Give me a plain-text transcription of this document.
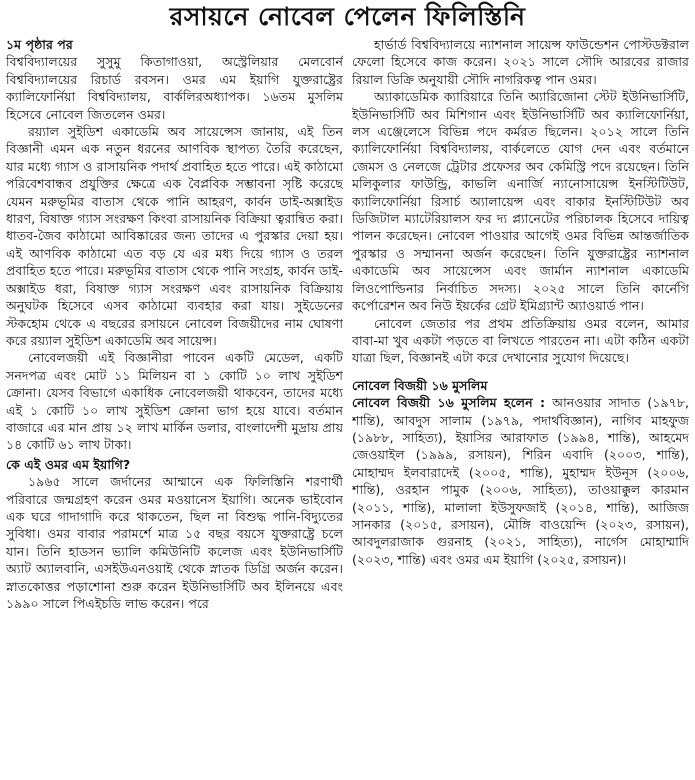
রসায়নে নোবেল পেলেন ফিলিস্তিনি
১ম পৃষ্ঠার পর

বিশ্ববিদ্যালয়ের সুসুমু কিতাগাওয়া, অস্ট্রেলিয়ার মেলবোর্ন বিশ্ববিদ্যালয়ের রিচার্ড রবসন। ওমর এম ইয়াগি যুক্তরাষ্ট্রের ক্যালিফোর্নিয়া বিশ্ববিদ্যালয়, বার্কলিরঅধ্যাপক। ১৬তম মুসলিম হিসেবে নোবেল জিতলেন ওমর।

রয়্যাল সুইডিশ একাডেমি অব সায়েন্সেস জানায়, এই তিন বিজ্ঞানী এমন এক নতুন ধরনের আণবিক স্থাপত্য তৈরি করেছেন, যার মধ্যে গ্যাস ও রাসায়নিক পদার্থ প্রবাহিত হতে পারে। এই কাঠামো পরিবেশবান্ধব প্রযুক্তির ক্ষেত্রে এক বৈপ্লবিক সম্ভাবনা সৃষ্টি করেছে যেমন মরুভূমির বাতাস থেকে পানি আহরণ, কার্বন ডাই-অক্সাইড ধারণ, বিষাক্ত গ্যাস সংরক্ষণ কিংবা রাসায়নিক বিক্রিয়া ত্বরান্বিত করা। ধাতব-জৈব কাঠামো আবিষ্কারের জন্য তাদের এ পুরস্কার দেয়া হয়। এই আণবিক কাঠামো এত বড় যে এর মধ্য দিয়ে গ্যাস ও তরল প্রবাহিত হতে পারে। মরুভূমির বাতাস থেকে পানি সংগ্রহ, কার্বন ডাই-অক্সাইড ধরা, বিষাক্ত গ্যাস সংরক্ষণ এবং রাসায়নিক বিক্রিয়ায় অনুঘটক হিসেবে এসব কাঠামো ব্যবহার করা যায়। সুইডেনের স্টকহোম থেকে এ বছরের রসায়নে নোবেল বিজয়ীদের নাম ঘোষণা করে রয়্যাল সুইডিশ একাডেমি অব সায়েন্স।

নোবেলজয়ী এই বিজ্ঞানীরা পাবেন একটি মেডেল, একটি সনদপত্র এবং মোট ১১ মিলিয়ন বা ১ কোটি ১০ লাখ সুইডিশ ক্রোনা। যেসব বিভাগে একাধিক নোবেলজয়ী থাকবেন, তাদের মধ্যে এই ১ কোটি ১০ লাখ সুইডিশ ক্রোনা ভাগ হয়ে যাবে। বর্তমান বাজারে এর মান প্রায় ১২ লাখ মার্কিন ডলার, বাংলাদেশী মুদ্রায় প্রায় ১৪ কোটি ৬১ লাখ টাকা।

কে এই ওমর এম ইয়াগি?

১৯৬৫ সালে জর্দানের আম্মানে এক ফিলিস্তিনি শরণার্থী পরিবারে জন্মগ্রহণ করেন ওমর মওয়ানেস ইয়াগি। অনেক ভাইবোন এক ঘরে গাদাগাদি করে থাকতেন, ছিল না বিশুদ্ধ পানি-বিদ্যুতের সুবিধা। ওমর বাবার পরামর্শে মাত্র ১৫ বছর বয়সে যুক্তরাষ্ট্রে চলে যান। তিনি হাডসন ভ্যালি কমিউনিটি কলেজ এবং ইউনিভার্সিটি অ্যাট অ্যালবানি, এসইউএনওয়াই থেকে স্নাতক ডিগ্রি অর্জন করেন। স্নাতকোত্তর পড়াশোনা শুরু করেন ইউনিভার্সিটি অব ইলিনয়ে এবং ১৯৯০ সালে পিএইচডি লাভ করেন। পরে

হার্ভার্ড বিশ্ববিদ্যালয়ে ন্যাশনাল সায়েন্স ফাউন্ডেশন পোস্টডক্টরাল ফেলো হিসেবে কাজ করেন। ২০২১ সালে সৌদি আরবের রাজার রিয়াল ডিক্রি অনুযায়ী সৌদি নাগরিকত্ব পান ওমর।

অ্যাকাডেমিক ক্যারিয়ারে তিনি অ্যারিজোনা স্টেট ইউনিভার্সিটি, ইউনিভার্সিটি অব মিশিগান এবং ইউনিভার্সিটি অব ক্যালিফোর্নিয়া, লস এঞ্জেলেসে বিভিন্ন পদে কর্মরত ছিলেন। ২০১২ সালে তিনি ক্যালিফোর্নিয়া বিশ্ববিদ্যালয়, বার্কলেতে যোগ দেন এবং বর্তমানে জেমস ও নেলজে ট্রেটার প্রফেসর অব কেমিস্ট্রি পদে রয়েছেন। তিনি মলিকুলার ফাউন্ড্রি, কাভলি এনার্জি ন্যানোসায়েন্স ইনস্টিটিউট, ক্যালিফোর্নিয়া রিসার্চ অ্যালায়েন্স এবং বাকার ইনস্টিটিউট অব ডিজিটাল ম্যাটেরিয়ালস ফর দ্য প্ল্যানেটের পরিচালক হিসেবে দায়িত্ব পালন করেছেন। নোবেল পাওয়ার আগেই ওমর বিভিন্ন আন্তর্জাতিক পুরস্কার ও সম্মাননা অর্জন করেছেন। তিনি যুক্তরাষ্ট্রের ন্যাশনাল একাডেমি অব সায়েন্সেস এবং জার্মান ন্যাশনাল একাডেমি লিওপোল্ডিনার নির্বাচিত সদস্য। ২০২৫ সালে তিনি কার্নেগি কর্পোরেশন অব নিউ ইয়র্কের গ্রেট ইমিগ্র্যান্ট অ্যাওয়ার্ড পান।

নোবেল জেতার পর প্রথম প্রতিক্রিয়ায় ওমর বলেন, আমার বাবা-মা খুব একটা পড়তে বা লিখতে পারতেন না। এটা কঠিন একটা যাত্রা ছিল, বিজ্ঞানই এটা করে দেখানোর সুযোগ দিয়েছে।

নোবেল বিজয়ী ১৬ মুসলিম

নোবেল বিজয়ী ১৬ মুসলিম হলেন : আনওয়ার সাদাত (১৯৭৮, শান্তি), আবদুস সালাম (১৯৭৯, পদার্থবিজ্ঞান), নাগিব মাহফুজ (১৯৮৮, সাহিত্য), ইয়াসির আরাফাত (১৯৯৪, শান্তি), আহমেদ জেওয়াইল (১৯৯৯, রসায়ন), শিরিন এবাদি (২০০৩, শান্তি), মোহাম্মদ ইলবারাদেই (২০০৫, শান্তি), মুহাম্মদ ইউনূস (২০০৬, শান্তি), ওরহান পামুক (২০০৬, সাহিত্য), তাওয়াক্কুল কারমান (২০১১, শান্তি), মালালা ইউসুফজাই (২০১৪, শান্তি), আজিজ সানকার (২০১৫, রসায়ন), মৌঙ্গি বাওয়েন্দি (২০২৩, রসায়ন), আবদুলরাজাক গুরনাহ (২০২১, সাহিত্য), নার্গেস মোহাম্মাদি (২০২৩, শান্তি) এবং ওমর এম ইয়াগি (২০২৫, রসায়ন)।
